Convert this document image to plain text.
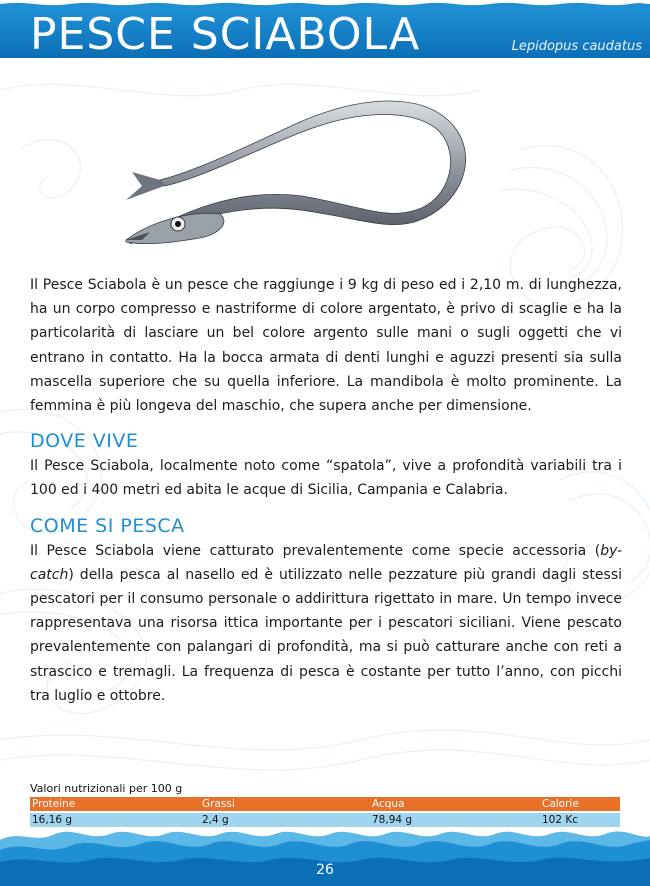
PESCE SCIABOLA	Lepidopus caudatus

Il Pesce Sciabola è un pesce che raggiunge i 9 kg di peso ed i 2,10 m. di lunghezza, ha un corpo compresso e nastriforme di colore argentato, è privo di scaglie e ha la particolarità di lasciare un bel colore argento sulle mani o sugli oggetti che vi entrano in contatto. Ha la bocca armata di denti lunghi e aguzzi presenti sia sulla mascella superiore che su quella inferiore. La mandibola è molto prominente. La femmina è più longeva del maschio, che supera anche per dimensione.

DOVE VIVE

Il Pesce Sciabola, localmente noto come “spatola”, vive a profondità variabili tra i 100 ed i 400 metri ed abita le acque di Sicilia, Campania e Calabria.

COME SI PESCA

Il Pesce Sciabola viene catturato prevalentemente come specie accessoria (by-catch) della pesca al nasello ed è utilizzato nelle pezzature più grandi dagli stessi pescatori per il consumo personale o addirittura rigettato in mare. Un tempo invece rappresentava una risorsa ittica importante per i pescatori siciliani. Viene pescato prevalentemente con palangari di profondità, ma si può catturare anche con reti a strascico e tremagli. La frequenza di pesca è costante per tutto l’anno, con picchi tra luglio e ottobre.

Valori nutrizionali per 100 g
Proteine	Grassi	Acqua	Calorie
16,16 g	2,4 g	78,94 g	102 Kc
26
